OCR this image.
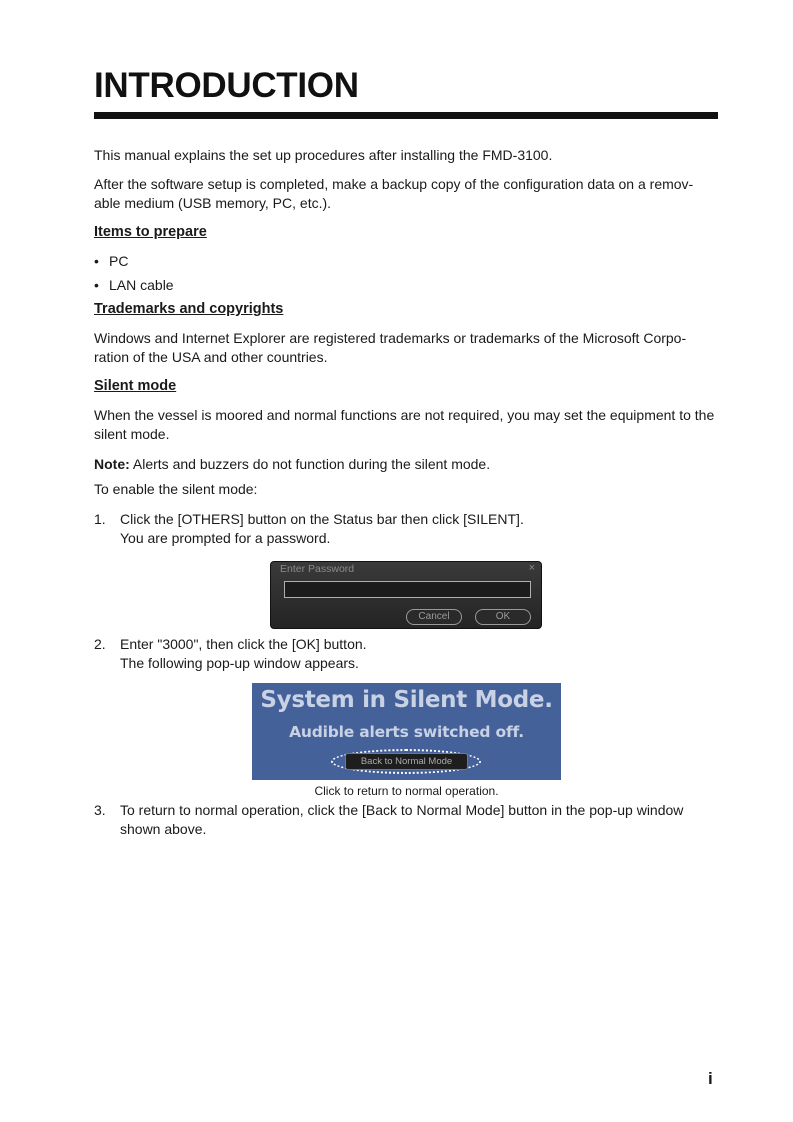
INTRODUCTION

This manual explains the set up procedures after installing the FMD-3100.

After the software setup is completed, make a backup copy of the configuration data on a remov-able medium (USB memory, PC, etc.).

Items to prepare
• PC
• LAN cable
Trademarks and copyrights

Windows and Internet Explorer are registered trademarks or trademarks of the Microsoft Corpo-ration of the USA and other countries.

Silent mode

When the vessel is moored and normal functions are not required, you may set the equipment to the silent mode.

Note: Alerts and buzzers do not function during the silent mode.

To enable the silent mode:

1. Click the [OTHERS] button on the Status bar then click [SILENT].
You are prompted for a password.
Enter Password	×
Cancel	OK
2. Enter "3000", then click the [OK] button.
The following pop-up window appears.
System in Silent Mode.
Audible alerts switched off.
Back to Normal Mode
Click to return to normal operation.
3. To return to normal operation, click the [Back to Normal Mode] button in the pop-up window
shown above.
i
